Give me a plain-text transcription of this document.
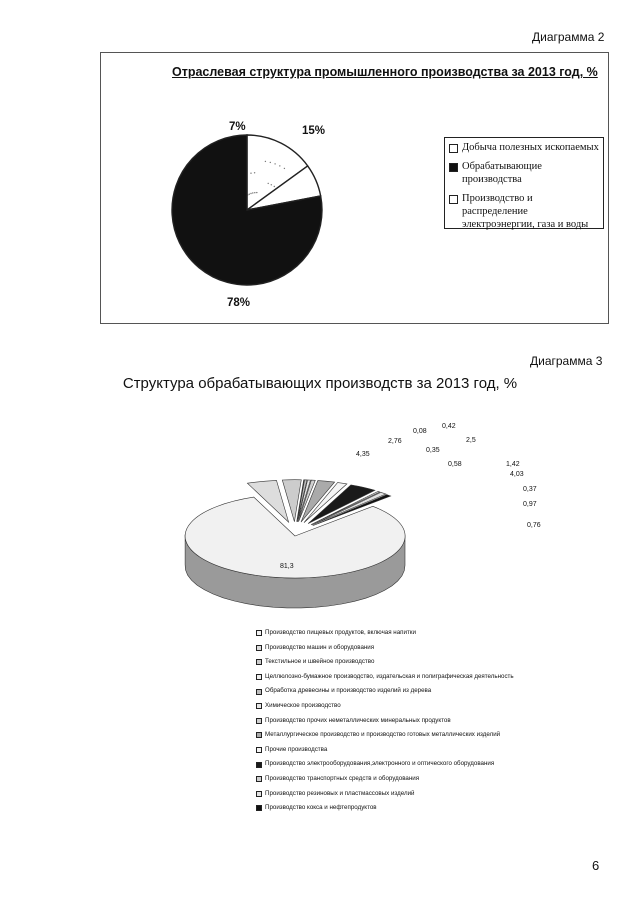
Диаграмма 2
Отраслевая структура промышленного производства за 2013 год, %
15%
7%
78%
Добыча полезных ископаемых
Обрабатывающие производства
Производство и распределение электроэнергии, газа и воды
Диаграмма 3
Структура обрабатывающих производств за 2013 год, %
81,3
4,35
2,76
0,08
0,35
0,42
0,58
2,5
1,42
4,03
0,37
0,97
0,76
Производство пищевых продуктов, включая напитки
Производство машин и оборудования
Текстильное и швейное производство
Целлюлозно-бумажное производство, издательская и полиграфическая деятельность
Обработка древесины и производство изделий из дерева
Химическое производство
Производство прочих неметаллических минеральных продуктов
Металлургическое производство и производство готовых металлических изделий
Прочие производства
Производство электрооборудования,электронного и оптического оборудования
Производство транспортных средств и оборудования
Производство резиновых и пластмассовых изделий
Производство кокса и нефтепродуктов
6
